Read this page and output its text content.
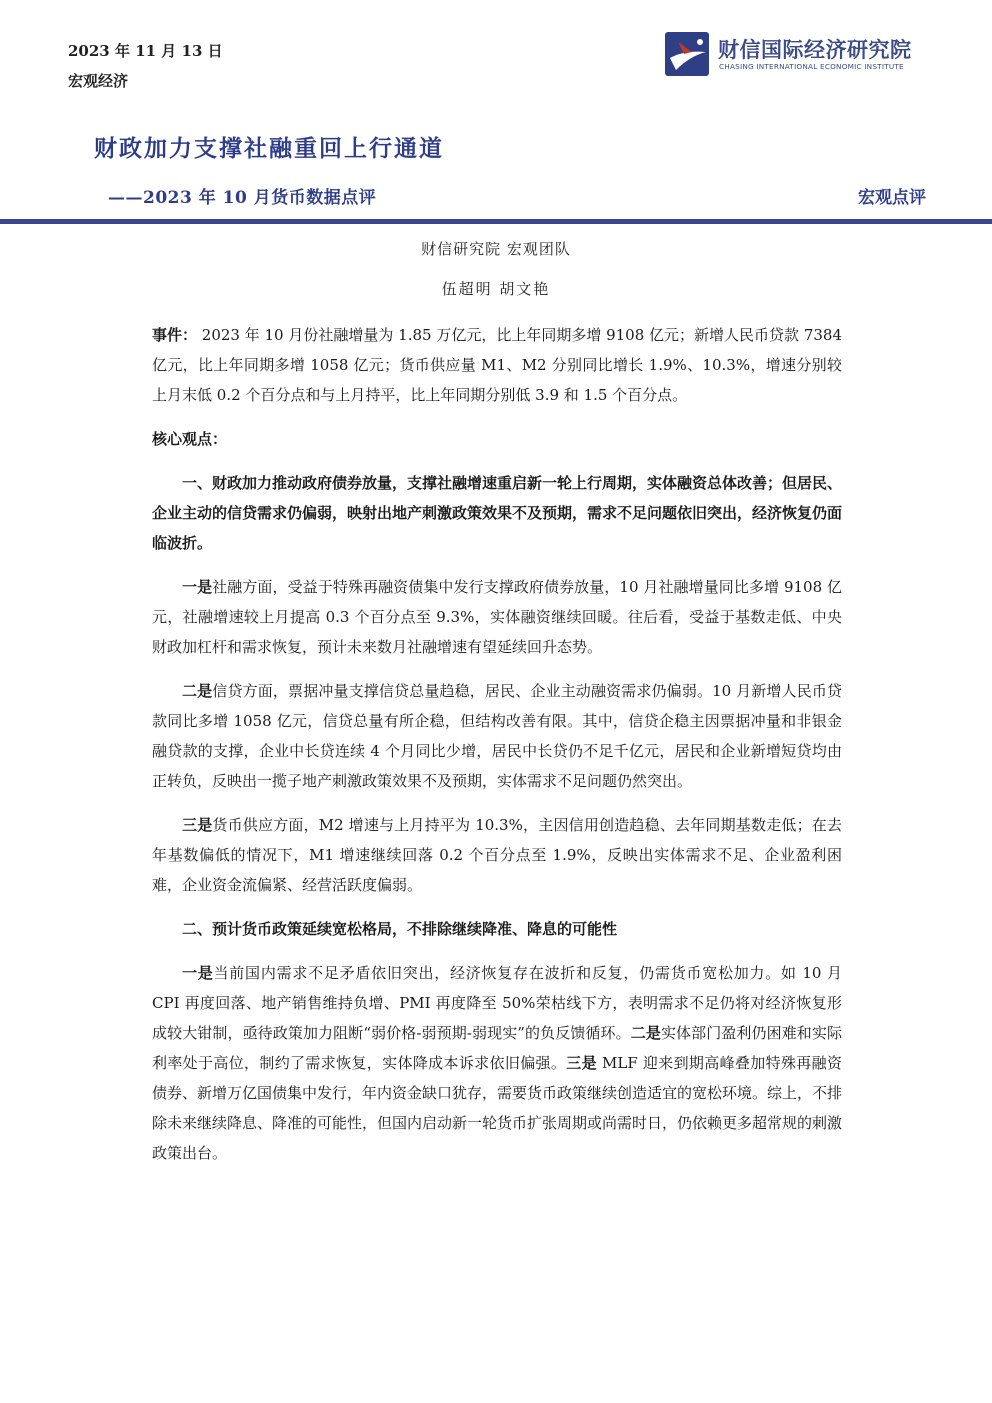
2023 年 11 月 13 日
宏观经济
财信国际经济研究院
CHASING INTERNATIONAL ECONOMIC INSTITUTE
财政加力支撑社融重回上行通道
——2023 年 10 月货币数据点评	宏观点评
财信研究院 宏观团队
伍超明 胡文艳

事件： 2023 年 10 月份社融增量为 1.85 万亿元，比上年同期多增 9108 亿元；新增人民币贷款 7384 亿元，比上年同期多增 1058 亿元；货币供应量 M1、M2 分别同比增长 1.9%、10.3%，增速分别较上月末低 0.2 个百分点和与上月持平，比上年同期分别低 3.9 和 1.5 个百分点。

核心观点：

一、财政加力推动政府债券放量，支撑社融增速重启新一轮上行周期，实体融资总体改善；但居民、企业主动的信贷需求仍偏弱，映射出地产刺激政策效果不及预期，需求不足问题依旧突出，经济恢复仍面临波折。

一是社融方面，受益于特殊再融资债集中发行支撑政府债券放量，10 月社融增量同比多增 9108 亿元，社融增速较上月提高 0.3 个百分点至 9.3%，实体融资继续回暖。往后看，受益于基数走低、中央财政加杠杆和需求恢复，预计未来数月社融增速有望延续回升态势。

二是信贷方面，票据冲量支撑信贷总量趋稳，居民、企业主动融资需求仍偏弱。10 月新增人民币贷款同比多增 1058 亿元，信贷总量有所企稳，但结构改善有限。其中，信贷企稳主因票据冲量和非银金融贷款的支撑，企业中长贷连续 4 个月同比少增，居民中长贷仍不足千亿元，居民和企业新增短贷均由正转负，反映出一揽子地产刺激政策效果不及预期，实体需求不足问题仍然突出。

三是货币供应方面，M2 增速与上月持平为 10.3%，主因信用创造趋稳、去年同期基数走低；在去年基数偏低的情况下，M1 增速继续回落 0.2 个百分点至 1.9%，反映出实体需求不足、企业盈利困难，企业资金流偏紧、经营活跃度偏弱。

二、预计货币政策延续宽松格局，不排除继续降准、降息的可能性

一是当前国内需求不足矛盾依旧突出，经济恢复存在波折和反复，仍需货币宽松加力。如 10 月 CPI 再度回落、地产销售维持负增、PMI 再度降至 50%荣枯线下方，表明需求不足仍将对经济恢复形成较大钳制，亟待政策加力阻断“弱价格-弱预期-弱现实”的负反馈循环。二是实体部门盈利仍困难和实际利率处于高位，制约了需求恢复，实体降成本诉求依旧偏强。三是 MLF 迎来到期高峰叠加特殊再融资债券、新增万亿国债集中发行，年内资金缺口犹存，需要货币政策继续创造适宜的宽松环境。综上，不排除未来继续降息、降准的可能性，但国内启动新一轮货币扩张周期或尚需时日，仍依赖更多超常规的刺激政策出台。
